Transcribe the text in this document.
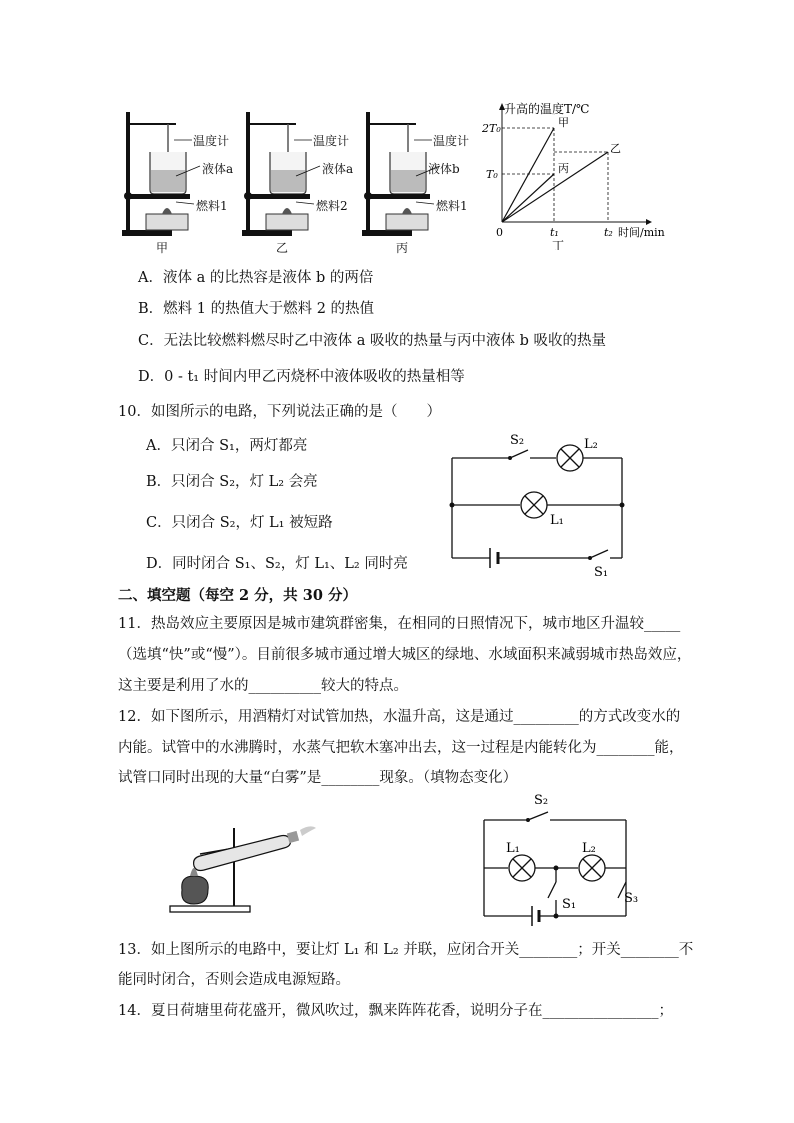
温度计
液体a
燃料1
甲
温度计
液体a
燃料2
乙
温度计
液体b
燃料1
丙
升高的温度T/℃
2T₀
T₀
0	t₁	t₂ 时间/min
甲
乙
丙
丁
A．液体 a 的比热容是液体 b 的两倍
B．燃料 1 的热值大于燃料 2 的热值
C．无法比较燃料燃尽时乙中液体 a 吸收的热量与丙中液体 b 吸收的热量
D．0 - t₁ 时间内甲乙丙烧杯中液体吸收的热量相等
10．如图所示的电路，下列说法正确的是（　　）
A．只闭合 S₁，两灯都亮
B．只闭合 S₂，灯 L₂ 会亮
C．只闭合 S₂，灯 L₁ 被短路
D．同时闭合 S₁、S₂，灯 L₁、L₂ 同时亮
S₂	L₂
L₁
S₁
二、填空题（每空 2 分，共 30 分）
11．热岛效应主要原因是城市建筑群密集，在相同的日照情况下，城市地区升温较_____
（选填“快”或“慢”）。目前很多城市通过增大城区的绿地、水域面积来减弱城市热岛效应，
这主要是利用了水的__________较大的特点。
12．如下图所示，用酒精灯对试管加热，水温升高，这是通过_________的方式改变水的
内能。试管中的水沸腾时，水蒸气把软木塞冲出去，这一过程是内能转化为________能，
试管口同时出现的大量“白雾”是________现象。（填物态变化）
S₂
L₁	L₂
S₁	S₃
13．如上图所示的电路中，要让灯 L₁ 和 L₂ 并联，应闭合开关________；开关________不
能同时闭合，否则会造成电源短路。
14．夏日荷塘里荷花盛开，微风吹过，飘来阵阵花香，说明分子在________________；
